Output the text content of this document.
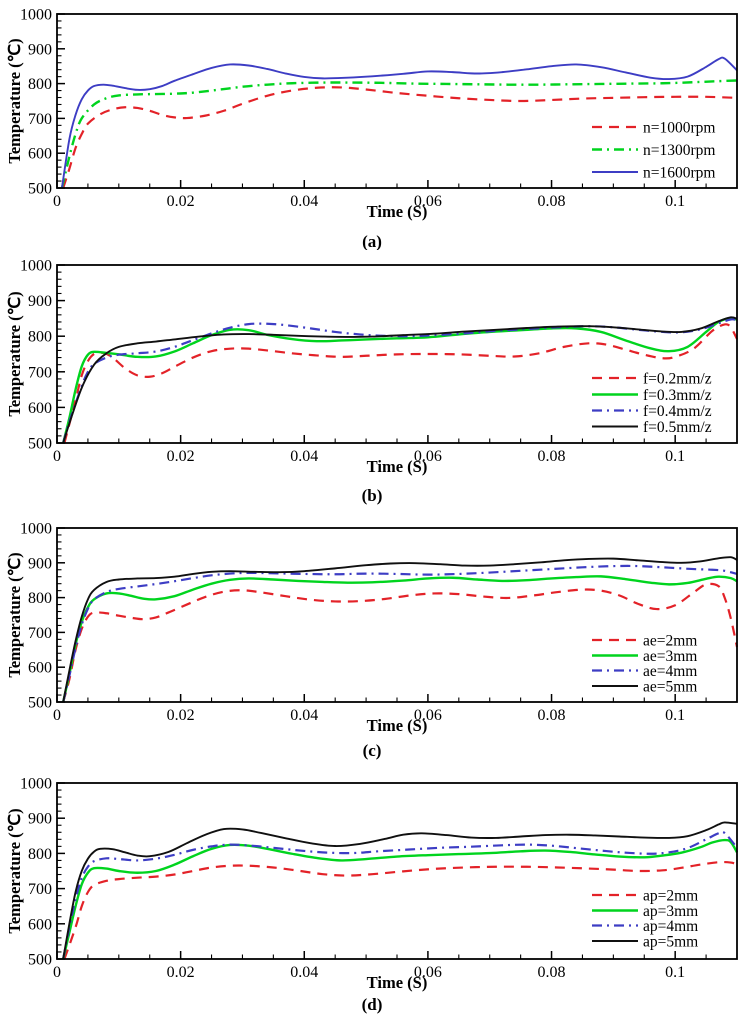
0	0.02	0.04	0.06	0.08	0.1
500
600
700
800
900
1000
Time (S)
Temperature (℃)	n=1000rpm
n=1300rpm
n=1600rpm
(a)
0	0.02	0.04	0.06	0.08	0.1
500
600
700
800
900
1000
Time (S)
Temperature (℃)	f=0.2mm/z
f=0.3mm/z
f=0.4mm/z
f=0.5mm/z
(b)
0	0.02	0.04	0.06	0.08	0.1
500
600
700
800
900
1000
Time (S)
Temperature (℃)	ae=2mm
ae=3mm
ae=4mm
ae=5mm
(c)
0	0.02	0.04	0.06	0.08	0.1
500
600
700
800
900
1000
Time (S)
Temperature (℃)	ap=2mm
ap=3mm
ap=4mm
ap=5mm
(d)
